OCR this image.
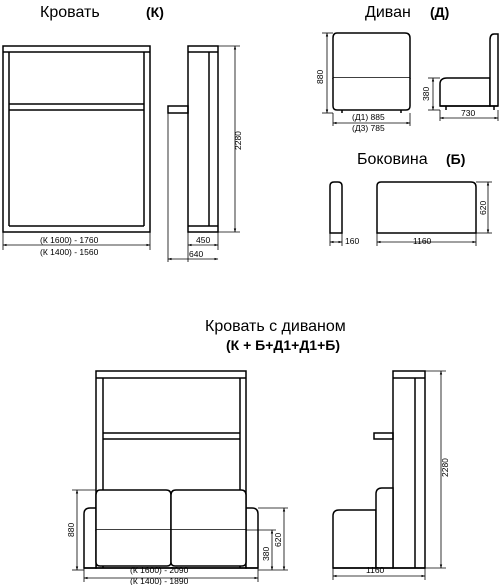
Кровать	(К)	Диван (Д)
Боковина (Б)
Кровать с диваном
(К + Б+Д1+Д1+Б)
(К 1600) - 1760
(К 1400) - 1560
2280
450
640
880
(Д1) 885
(Д3) 785
380
730
160	1160
620
880
380
620
(К 1600) - 2090
(К 1400) - 1890
2280
1160
